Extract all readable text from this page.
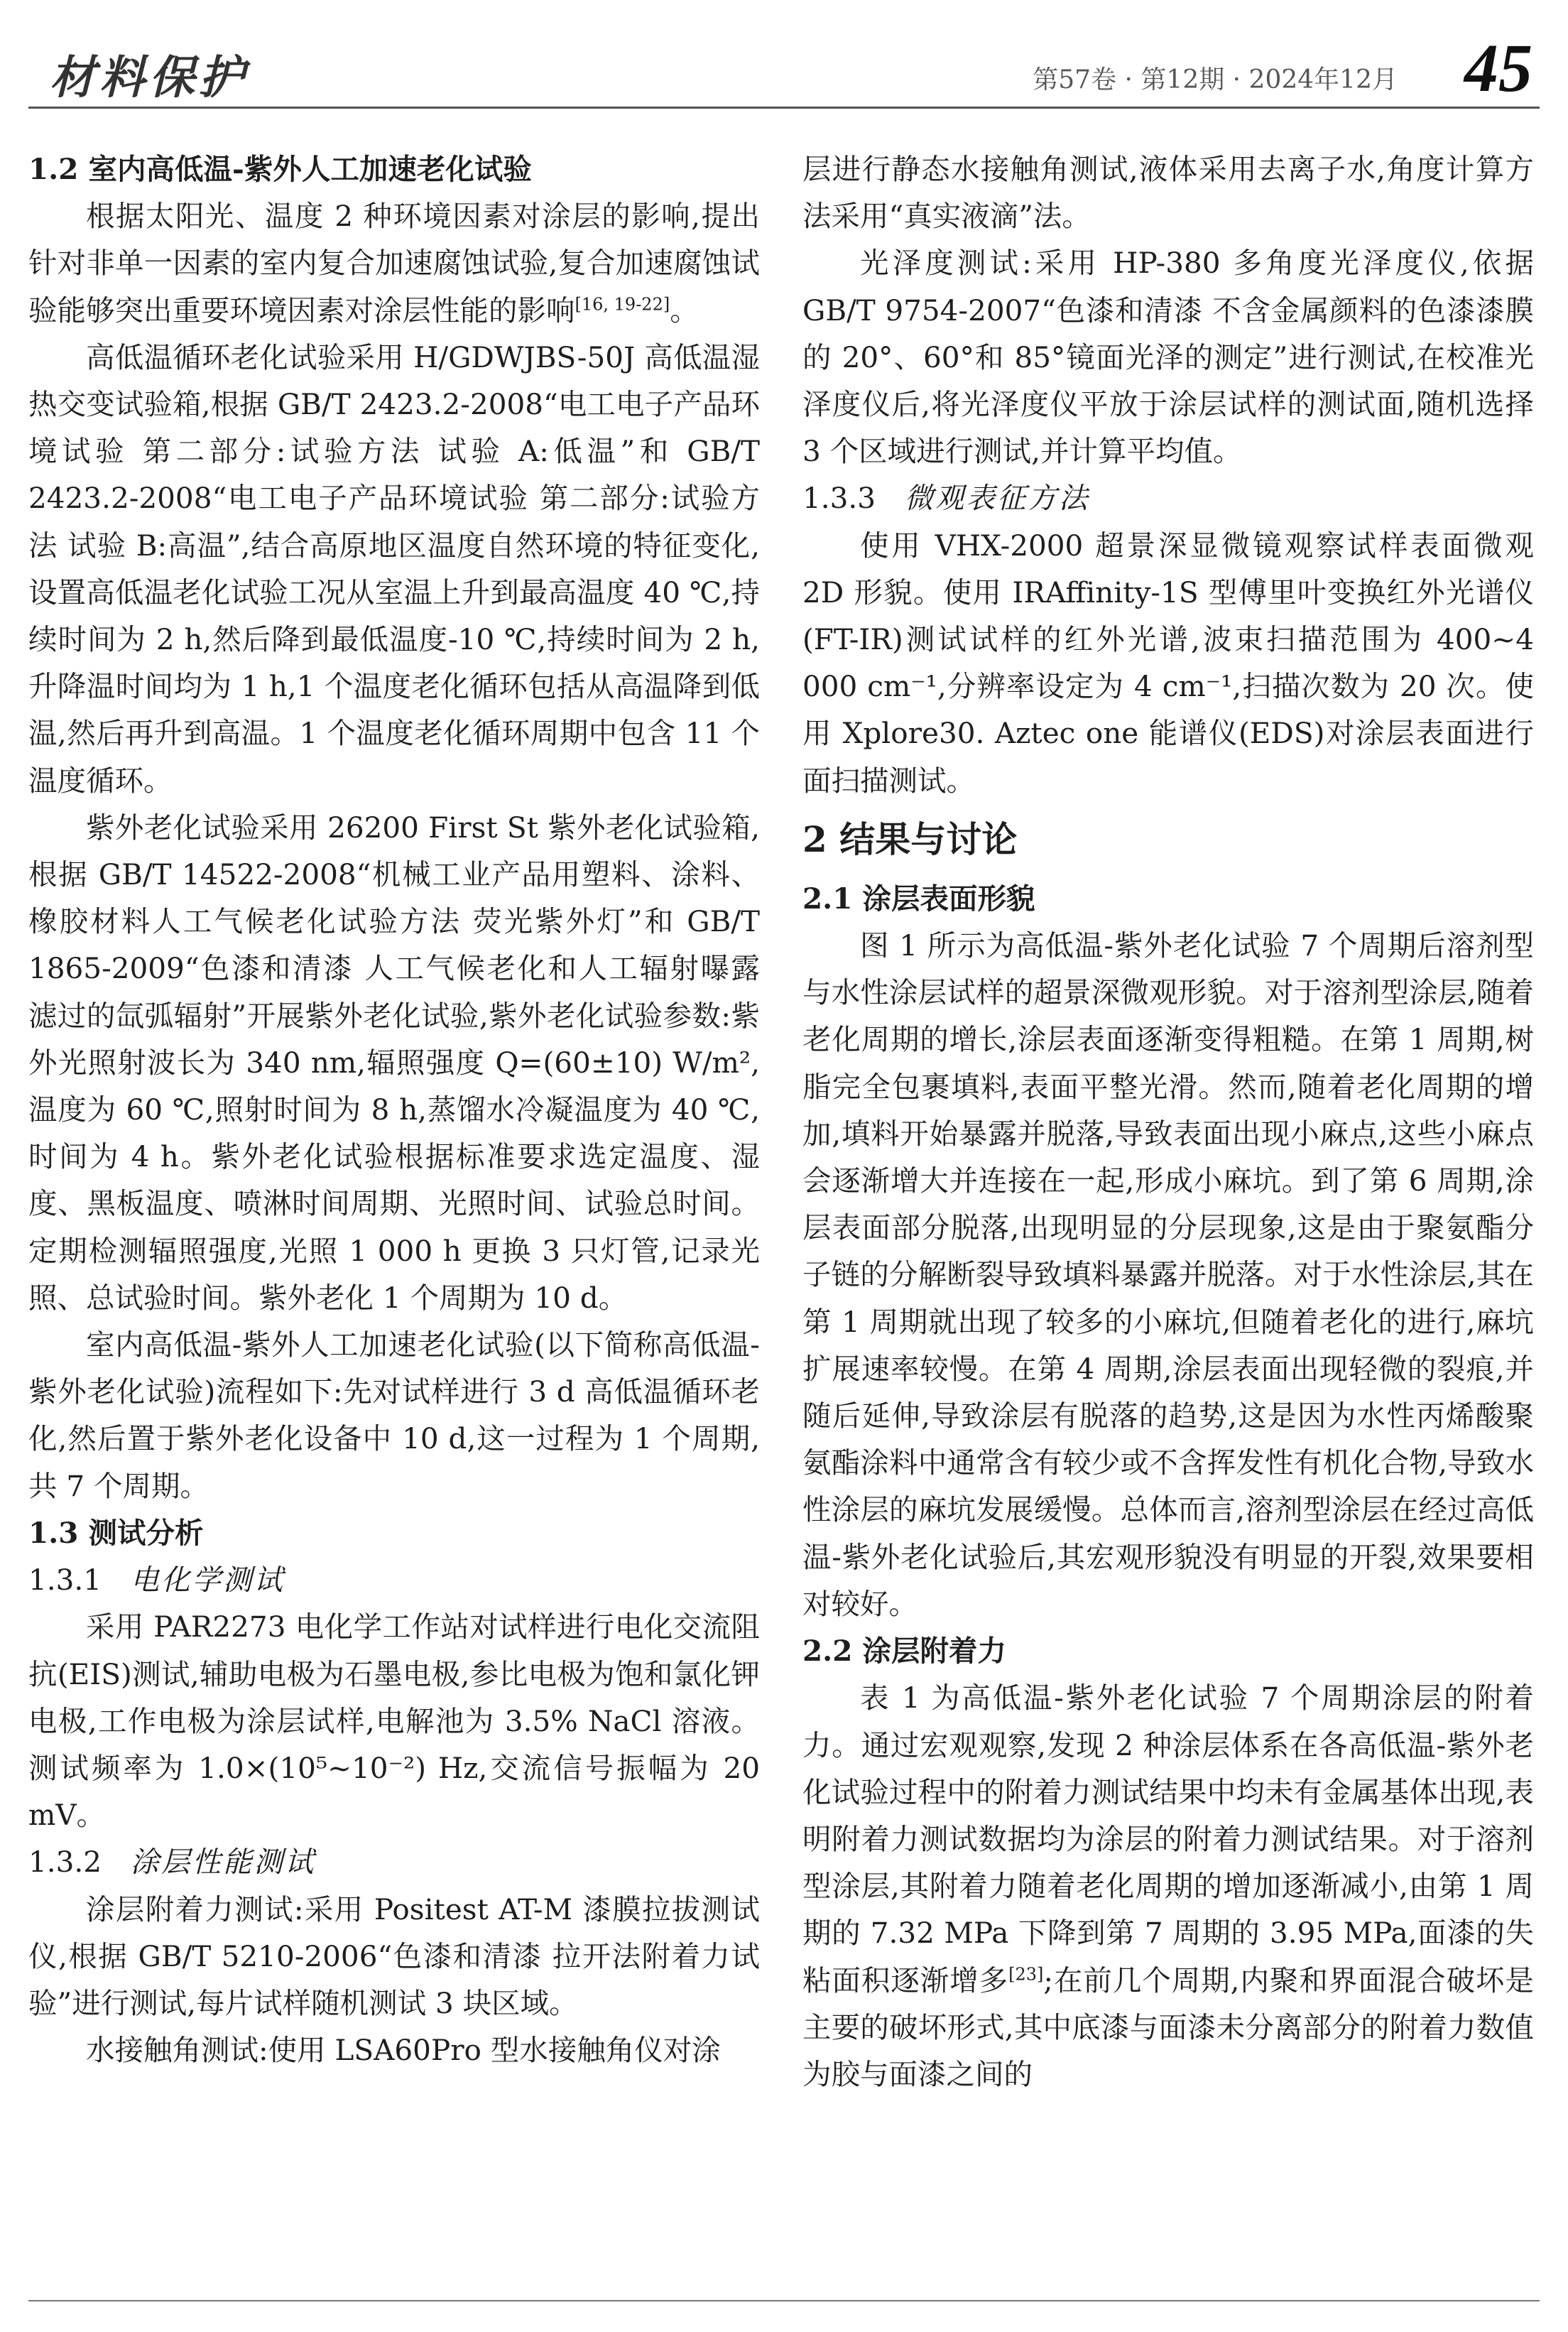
材料保护	第57卷 · 第12期 · 2024年12月 45
1.2 室内高低温-紫外人工加速老化试验

根据太阳光、温度 2 种环境因素对涂层的影响,提出针对非单一因素的室内复合加速腐蚀试验,复合加速腐蚀试验能够突出重要环境因素对涂层性能的影响[16, 19-22]。

高低温循环老化试验采用 H/GDWJBS-50J 高低温湿热交变试验箱,根据 GB/T 2423.2-2008“电工电子产品环境试验 第二部分:试验方法 试验 A:低温”和 GB/T 2423.2-2008“电工电子产品环境试验 第二部分:试验方法 试验 B:高温”,结合高原地区温度自然环境的特征变化,设置高低温老化试验工况从室温上升到最高温度 40 ℃,持续时间为 2 h,然后降到最低温度-10 ℃,持续时间为 2 h,升降温时间均为 1 h,1 个温度老化循环包括从高温降到低温,然后再升到高温。1 个温度老化循环周期中包含 11 个温度循环。

紫外老化试验采用 26200 First St 紫外老化试验箱,根据 GB/T 14522-2008“机械工业产品用塑料、涂料、橡胶材料人工气候老化试验方法 荧光紫外灯”和 GB/T 1865-2009“色漆和清漆 人工气候老化和人工辐射曝露 滤过的氙弧辐射”开展紫外老化试验,紫外老化试验参数:紫外光照射波长为 340 nm,辐照强度 Q=(60±10) W/m², 温度为 60 ℃,照射时间为 8 h,蒸馏水冷凝温度为 40 ℃,时间为 4 h。紫外老化试验根据标准要求选定温度、湿度、黑板温度、喷淋时间周期、光照时间、试验总时间。定期检测辐照强度,光照 1 000 h 更换 3 只灯管,记录光照、总试验时间。紫外老化 1 个周期为 10 d。

室内高低温-紫外人工加速老化试验(以下简称高低温-紫外老化试验)流程如下:先对试样进行 3 d 高低温循环老化,然后置于紫外老化设备中 10 d,这一过程为 1 个周期,共 7 个周期。

1.3 测试分析
1.3.1 电化学测试

采用 PAR2273 电化学工作站对试样进行电化交流阻抗(EIS)测试,辅助电极为石墨电极,参比电极为饱和氯化钾电极,工作电极为涂层试样,电解池为 3.5% NaCl 溶液。测试频率为 1.0×(10⁵~10⁻²) Hz,交流信号振幅为 20 mV。

1.3.2 涂层性能测试

涂层附着力测试:采用 Positest AT-M 漆膜拉拔测试仪,根据 GB/T 5210-2006“色漆和清漆 拉开法附着力试验”进行测试,每片试样随机测试 3 块区域。

水接触角测试:使用 LSA60Pro 型水接触角仪对涂

层进行静态水接触角测试,液体采用去离子水,角度计算方法采用“真实液滴”法。

光泽度测试:采用 HP-380 多角度光泽度仪,依据 GB/T 9754-2007“色漆和清漆 不含金属颜料的色漆漆膜的 20°、60°和 85°镜面光泽的测定”进行测试,在校准光泽度仪后,将光泽度仪平放于涂层试样的测试面,随机选择 3 个区域进行测试,并计算平均值。

1.3.3 微观表征方法

使用 VHX-2000 超景深显微镜观察试样表面微观 2D 形貌。使用 IRAffinity-1S 型傅里叶变换红外光谱仪(FT-IR)测试试样的红外光谱,波束扫描范围为 400~4 000 cm⁻¹,分辨率设定为 4 cm⁻¹,扫描次数为 20 次。使用 Xplore30. Aztec one 能谱仪(EDS)对涂层表面进行面扫描测试。

2 结果与讨论
2.1 涂层表面形貌

图 1 所示为高低温-紫外老化试验 7 个周期后溶剂型与水性涂层试样的超景深微观形貌。对于溶剂型涂层,随着老化周期的增长,涂层表面逐渐变得粗糙。在第 1 周期,树脂完全包裹填料,表面平整光滑。然而,随着老化周期的增加,填料开始暴露并脱落,导致表面出现小麻点,这些小麻点会逐渐增大并连接在一起,形成小麻坑。到了第 6 周期,涂层表面部分脱落,出现明显的分层现象,这是由于聚氨酯分子链的分解断裂导致填料暴露并脱落。对于水性涂层,其在第 1 周期就出现了较多的小麻坑,但随着老化的进行,麻坑扩展速率较慢。在第 4 周期,涂层表面出现轻微的裂痕,并随后延伸,导致涂层有脱落的趋势,这是因为水性丙烯酸聚氨酯涂料中通常含有较少或不含挥发性有机化合物,导致水性涂层的麻坑发展缓慢。总体而言,溶剂型涂层在经过高低温-紫外老化试验后,其宏观形貌没有明显的开裂,效果要相对较好。

2.2 涂层附着力

表 1 为高低温-紫外老化试验 7 个周期涂层的附着力。通过宏观观察,发现 2 种涂层体系在各高低温-紫外老化试验过程中的附着力测试结果中均未有金属基体出现,表明附着力测试数据均为涂层的附着力测试结果。对于溶剂型涂层,其附着力随着老化周期的增加逐渐减小,由第 1 周期的 7.32 MPa 下降到第 7 周期的 3.95 MPa,面漆的失粘面积逐渐增多[23];在前几个周期,内聚和界面混合破坏是主要的破坏形式,其中底漆与面漆未分离部分的附着力数值为胶与面漆之间的
